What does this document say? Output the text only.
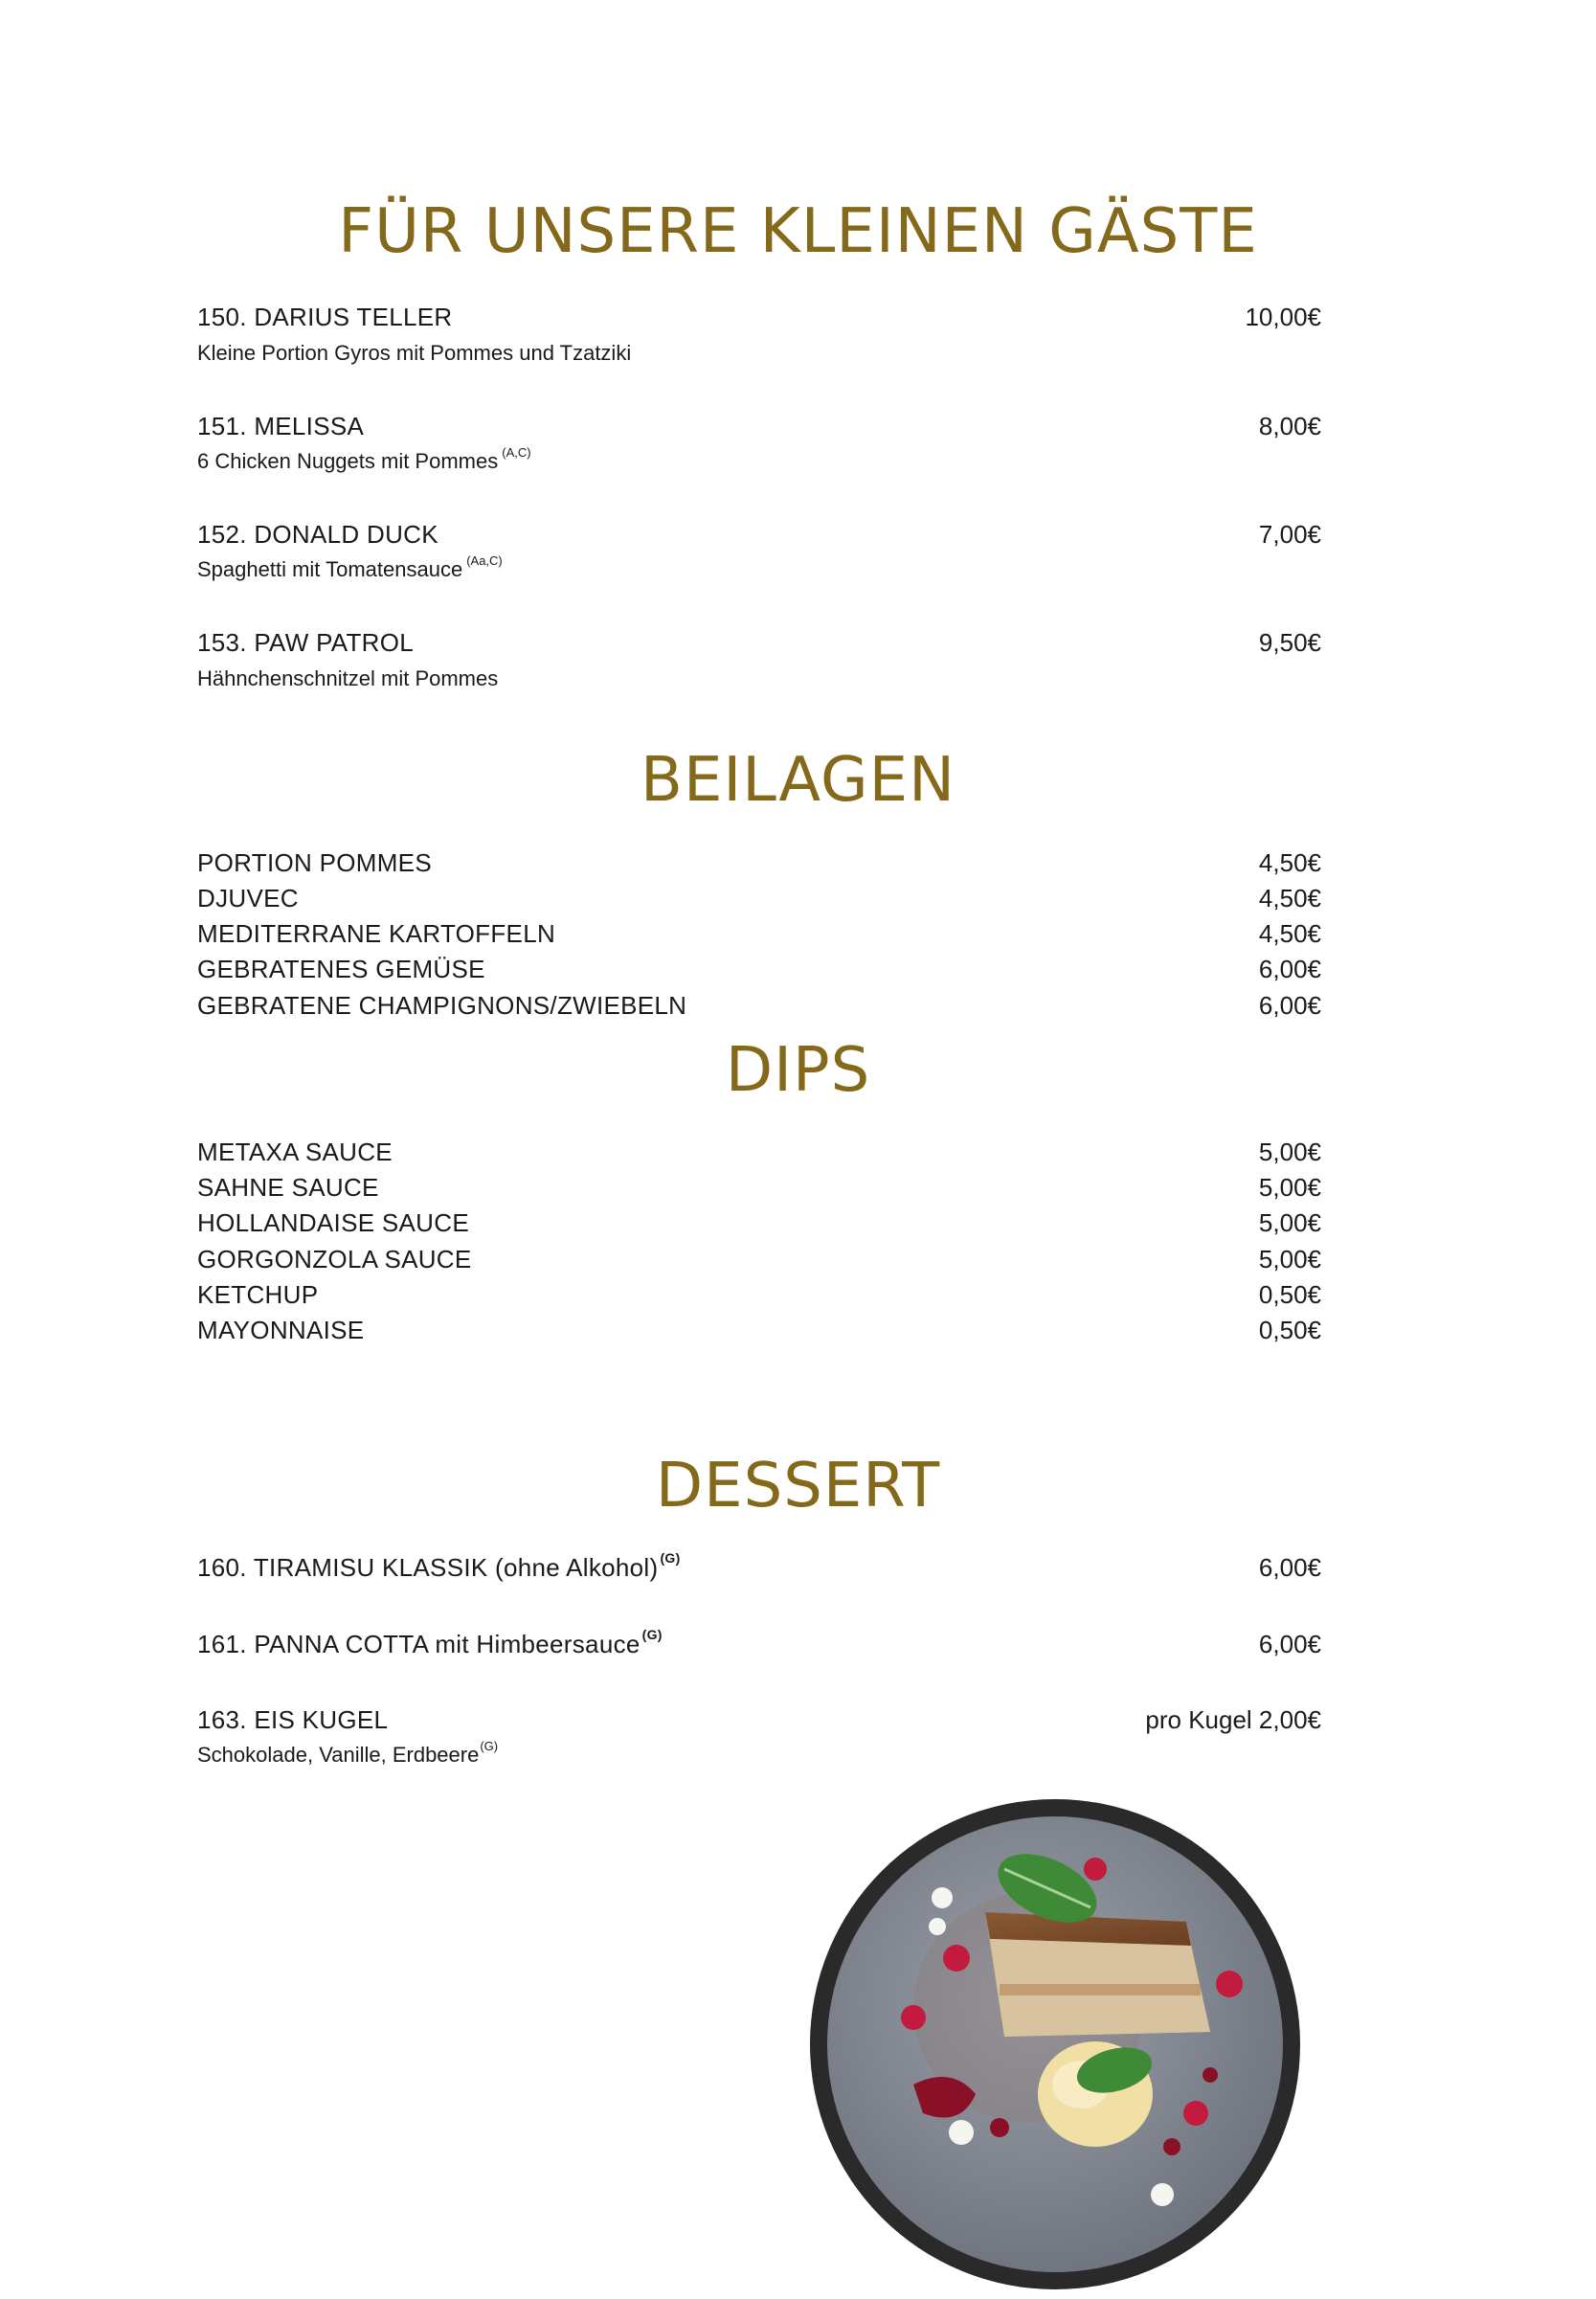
FÜR UNSERE KLEINEN GÄSTE
150. DARIUS TELLER	10,00€
Kleine Portion Gyros mit Pommes und Tzatziki
151. MELISSA	8,00€
6 Chicken Nuggets mit Pommes $^{(A,C)}$
152. DONALD DUCK	7,00€
Spaghetti mit Tomatensauce $^{(Aa,C)}$
153. PAW PATROL	9,50€
Hähnchenschnitzel mit Pommes
BEILAGEN
PORTION POMMES	4,50€
DJUVEC	4,50€
MEDITERRANE KARTOFFELN	4,50€
GEBRATENES GEMÜSE	6,00€
GEBRATENE CHAMPIGNONS/ZWIEBELN	6,00€
DIPS
METAXA SAUCE	5,00€
SAHNE SAUCE	5,00€
HOLLANDAISE SAUCE	5,00€
GORGONZOLA SAUCE	5,00€
KETCHUP	0,50€
MAYONNAISE	0,50€
DESSERT
160. TIRAMISU KLASSIK (ohne Alkohol) $^{(G)}$	6,00€
161. PANNA COTTA mit Himbeersauce $^{(G)}$	6,00€
163. EIS KUGEL	pro Kugel 2,00€
Schokolade, Vanille, Erdbeere$^{(G)}$
